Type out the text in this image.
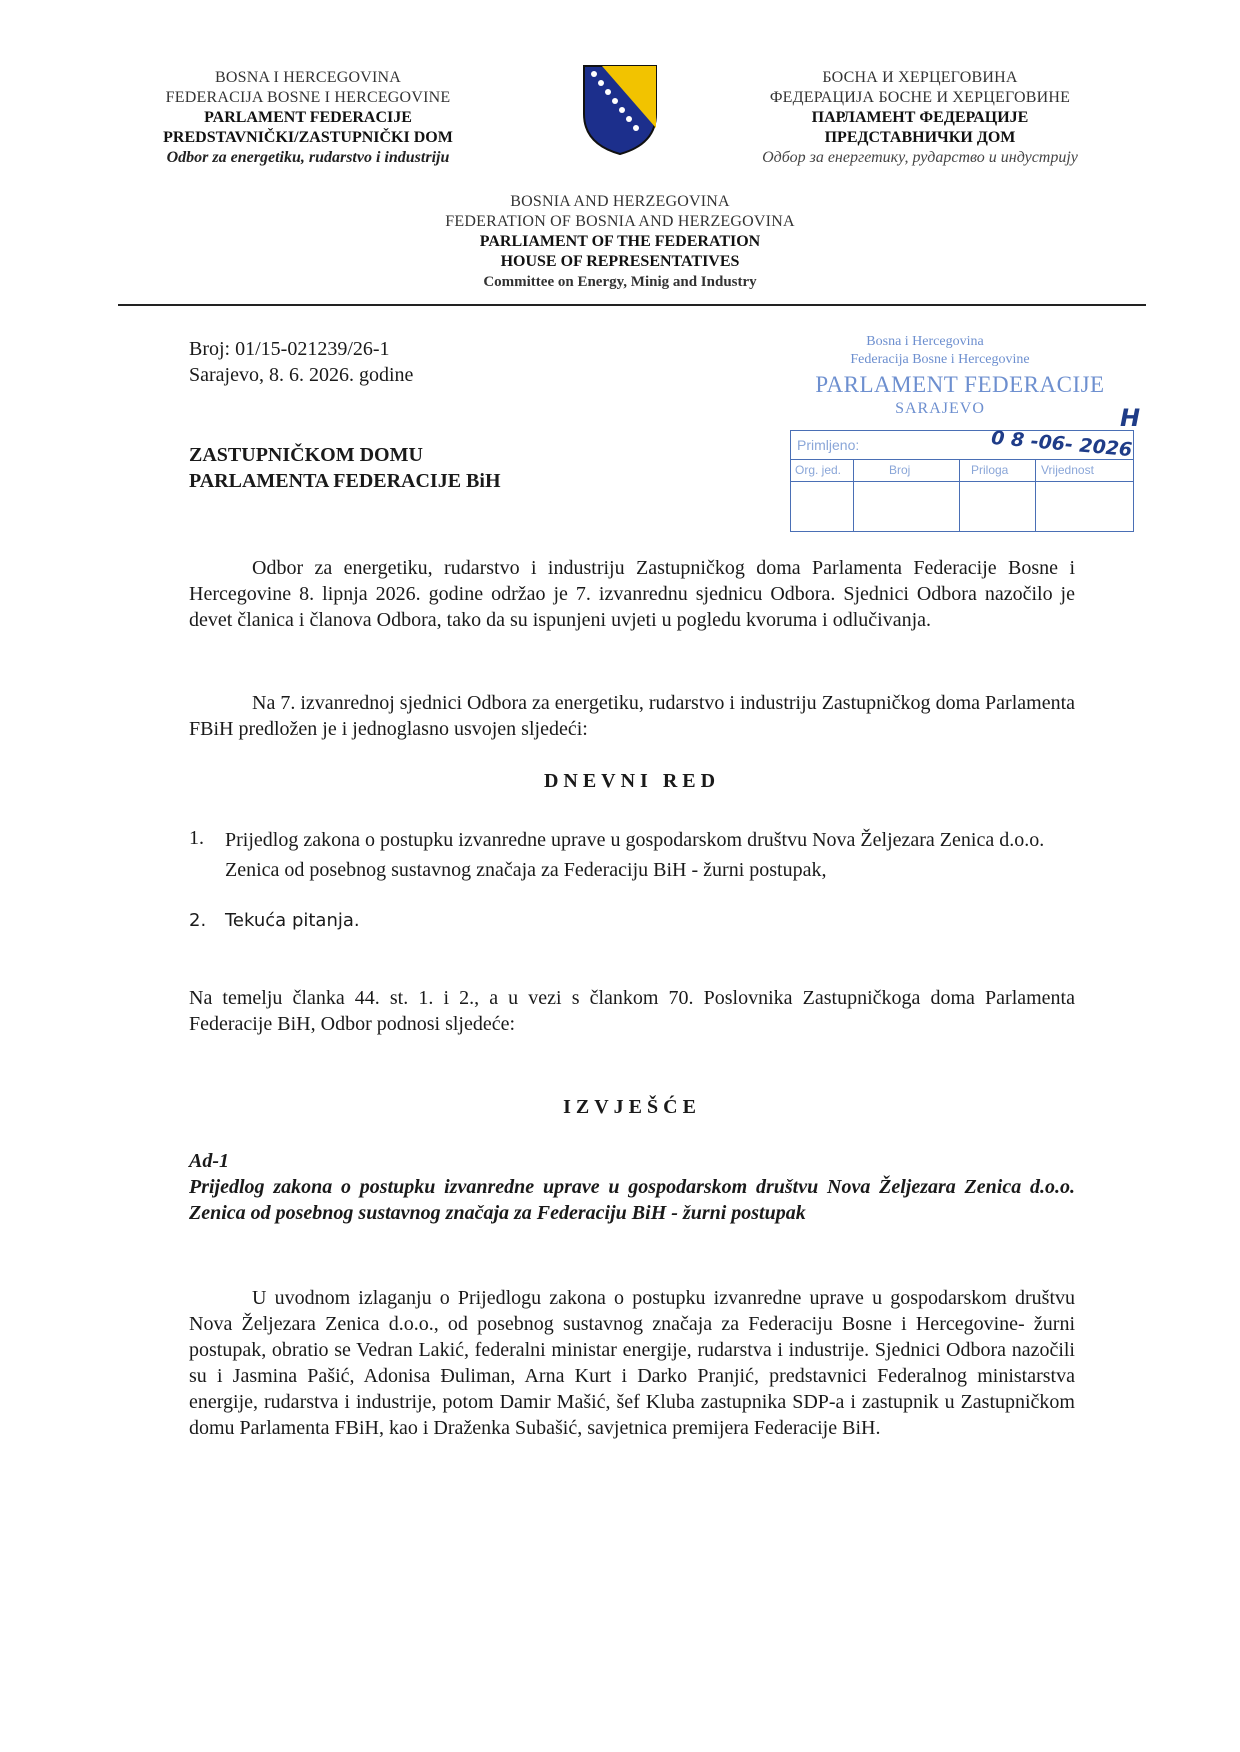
BOSNA I HERCEGOVINA
FEDERACIJA BOSNE I HERCEGOVINE
PARLAMENT FEDERACIJE
PREDSTAVNIČKI/ZASTUPNIČKI DOM
Odbor za energetiku, rudarstvo i industriju
БОСНА И ХЕРЦЕГОВИНА
ФЕДЕРАЦИЈА БОСНЕ И ХЕРЦЕГОВИНЕ
ПАРЛАМЕНТ ФЕДЕРАЦИЈЕ
ПРЕДСТАВНИЧКИ ДОМ
Одбор за енергетику, рударство и индустрију
BOSNIA AND HERZEGOVINA
FEDERATION OF BOSNIA AND HERZEGOVINA
PARLIAMENT OF THE FEDERATION
HOUSE OF REPRESENTATIVES
Committee on Energy, Minig and Industry
Broj: 01/15-021239/26-1
Sarajevo, 8. 6. 2026. godine
ZASTUPNIČKOM DOMU
PARLAMENTA FEDERACIJE BiH
Bosna i Hercegovina
Federacija Bosne i Hercegovine
PARLAMENT FEDERACIJE
SARAJEVO	H
Primljeno:	0 8 -06- 2026
Org. jed.	Broj	Priloga	Vrijednost
Odbor za energetiku, rudarstvo i industriju Zastupničkog doma Parlamenta Federacije Bosne i Hercegovine 8. lipnja 2026. godine održao je 7. izvanrednu sjednicu Odbora. Sjednici Odbora nazočilo je devet članica i članova Odbora, tako da su ispunjeni uvjeti u pogledu kvoruma i odlučivanja.
Na 7. izvanrednoj sjednici Odbora za energetiku, rudarstvo i industriju Zastupničkog doma Parlamenta FBiH predložen je i jednoglasno usvojen sljedeći:
DNEVNI RED
1. Prijedlog zakona o postupku izvanredne uprave u gospodarskom društvu Nova Željezara Zenica d.o.o. Zenica od posebnog sustavnog značaja za Federaciju BiH - žurni postupak,
2. Tekuća pitanja.
Na temelju članka 44. st. 1. i 2., a u vezi s člankom 70. Poslovnika Zastupničkoga doma Parlamenta Federacije BiH, Odbor podnosi sljedeće:
IZVJEŠĆE
Ad-1
Prijedlog zakona o postupku izvanredne uprave u gospodarskom društvu Nova Željezara Zenica d.o.o. Zenica od posebnog sustavnog značaja za Federaciju BiH - žurni postupak
U uvodnom izlaganju o Prijedlogu zakona o postupku izvanredne uprave u gospodarskom društvu Nova Željezara Zenica d.o.o., od posebnog sustavnog značaja za Federaciju Bosne i Hercegovine- žurni postupak, obratio se Vedran Lakić, federalni ministar energije, rudarstva i industrije. Sjednici Odbora nazočili su i Jasmina Pašić, Adonisa Đuliman, Arna Kurt i Darko Pranjić, predstavnici Federalnog ministarstva energije, rudarstva i industrije, potom Damir Mašić, šef Kluba zastupnika SDP-a i zastupnik u Zastupničkom domu Parlamenta FBiH, kao i Draženka Subašić, savjetnica premijera Federacije BiH.
